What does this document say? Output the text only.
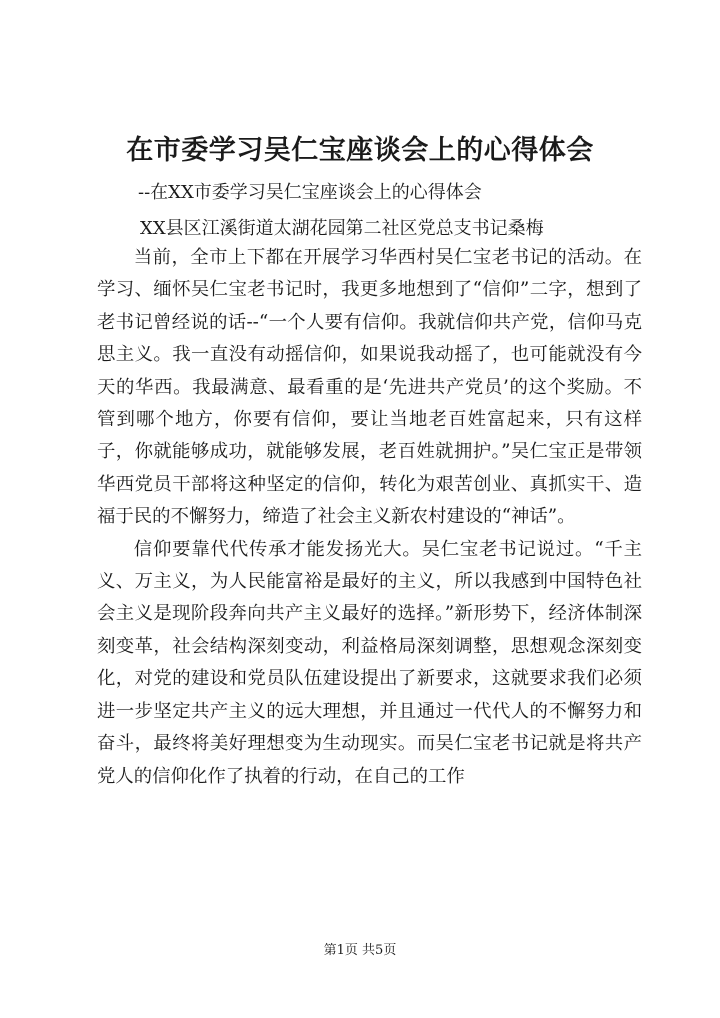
在市委学习吴仁宝座谈会上的心得体会
--在XX市委学习吴仁宝座谈会上的心得体会
XX县区江溪街道太湖花园第二社区党总支书记桑梅

当前，全市上下都在开展学习华西村吴仁宝老书记的活动。在学习、缅怀吴仁宝老书记时，我更多地想到了“信仰”二字，想到了老书记曾经说的话--“一个人要有信仰。我就信仰共产党，信仰马克思主义。我一直没有动摇信仰，如果说我动摇了，也可能就没有今天的华西。我最满意、最看重的是‘先进共产党员’的这个奖励。不管到哪个地方，你要有信仰，要让当地老百姓富起来，只有这样子，你就能够成功，就能够发展，老百姓就拥护。”吴仁宝正是带领华西党员干部将这种坚定的信仰，转化为艰苦创业、真抓实干、造福于民的不懈努力，缔造了社会主义新农村建设的“神话”。

信仰要靠代代传承才能发扬光大。吴仁宝老书记说过。“千主义、万主义，为人民能富裕是最好的主义，所以我感到中国特色社会主义是现阶段奔向共产主义最好的选择。”新形势下，经济体制深刻变革，社会结构深刻变动，利益格局深刻调整，思想观念深刻变化，对党的建设和党员队伍建设提出了新要求，这就要求我们必须进一步坚定共产主义的远大理想，并且通过一代代人的不懈努力和奋斗，最终将美好理想变为生动现实。而吴仁宝老书记就是将共产党人的信仰化作了执着的行动，在自己的工作

第1页 共5页
